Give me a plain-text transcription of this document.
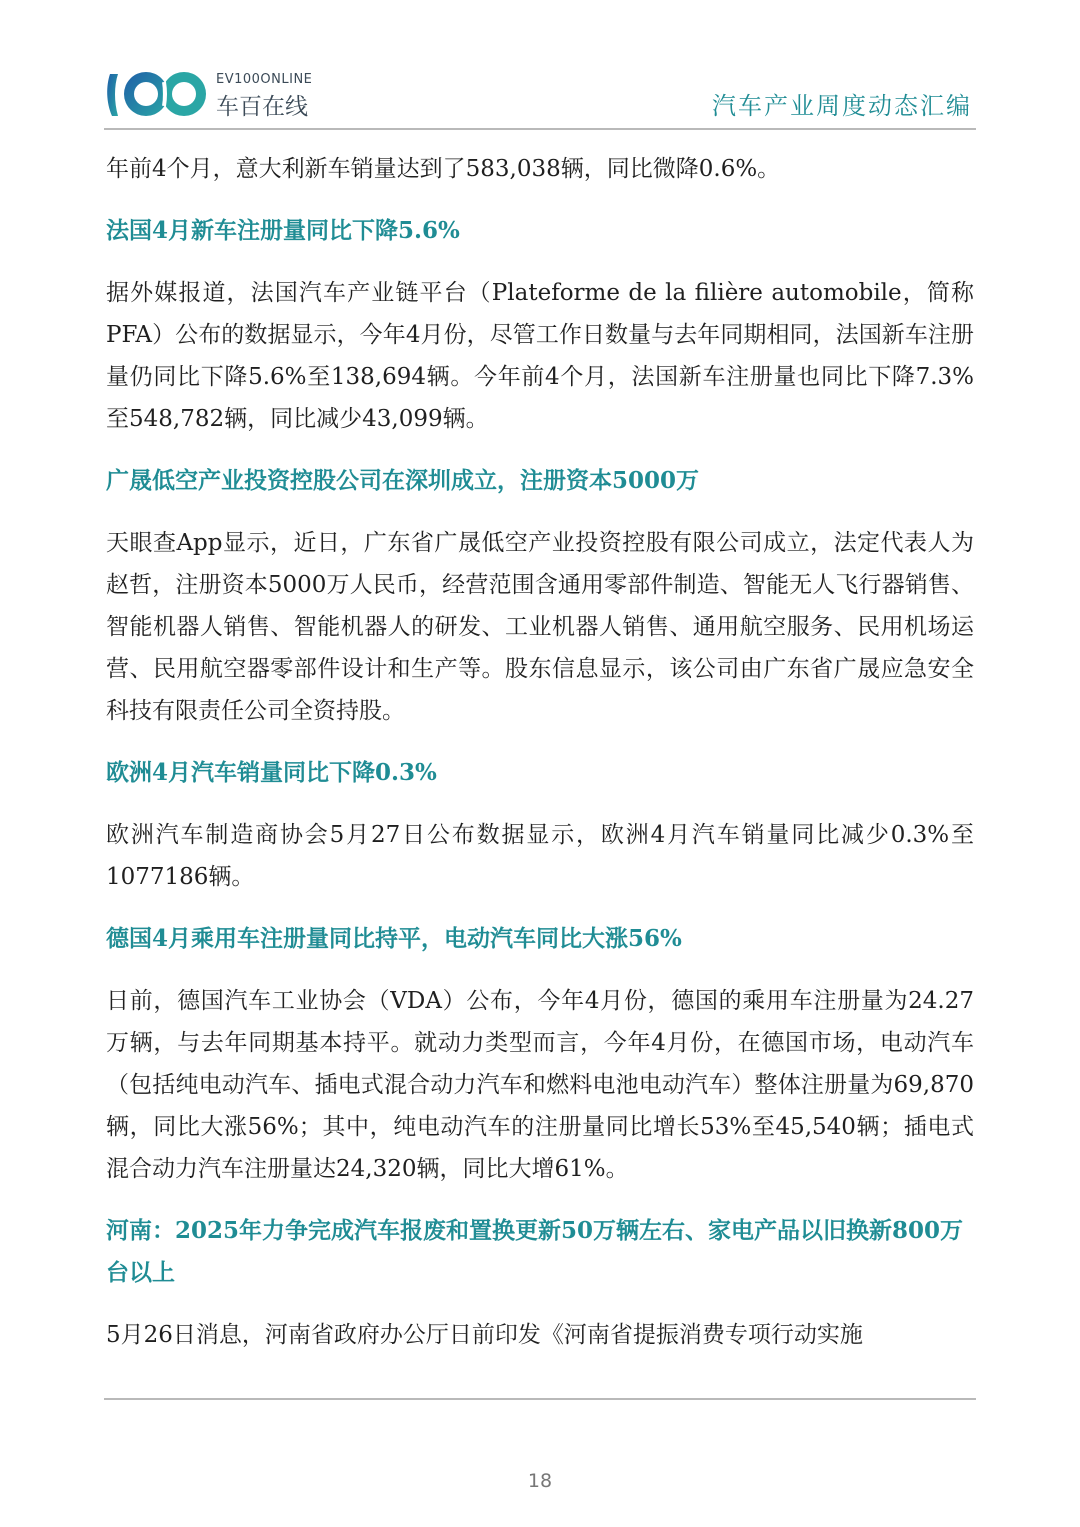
EV100ONLINE
车百在线	汽车产业周度动态汇编

年前4个月，意大利新车销量达到了583,038辆，同比微降0.6%。

法国4月新车注册量同比下降5.6%

据外媒报道，法国汽车产业链平台（Plateforme de la filière automobile，简称PFA）公布的数据显示，今年4月份，尽管工作日数量与去年同期相同，法国新车注册量仍同比下降5.6%至138,694辆。今年前4个月，法国新车注册量也同比下降7.3%至548,782辆，同比减少43,099辆。

广晟低空产业投资控股公司在深圳成立，注册资本5000万

天眼查App显示，近日，广东省广晟低空产业投资控股有限公司成立，法定代表人为赵哲，注册资本5000万人民币，经营范围含通用零部件制造、智能无人飞行器销售、智能机器人销售、智能机器人的研发、工业机器人销售、通用航空服务、民用机场运营、民用航空器零部件设计和生产等。股东信息显示，该公司由广东省广晟应急安全科技有限责任公司全资持股。

欧洲4月汽车销量同比下降0.3%

欧洲汽车制造商协会5月27日公布数据显示，欧洲4月汽车销量同比减少0.3%至1077186辆。

德国4月乘用车注册量同比持平，电动汽车同比大涨56%

日前，德国汽车工业协会（VDA）公布，今年4月份，德国的乘用车注册量为24.27万辆，与去年同期基本持平。就动力类型而言，今年4月份，在德国市场，电动汽车（包括纯电动汽车、插电式混合动力汽车和燃料电池电动汽车）整体注册量为69,870辆，同比大涨56%；其中，纯电动汽车的注册量同比增长53%至45,540辆；插电式混合动力汽车注册量达24,320辆，同比大增61%。

河南：2025年力争完成汽车报废和置换更新50万辆左右、家电产品以旧换新800万台以上

5月26日消息，河南省政府办公厅日前印发《河南省提振消费专项行动实施

18
